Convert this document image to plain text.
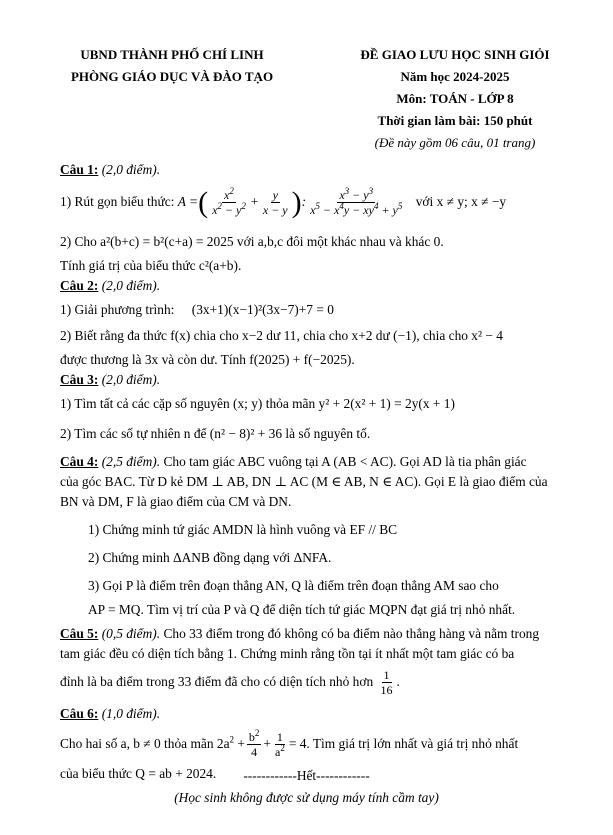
UBND THÀNH PHỐ CHÍ LINH
PHÒNG GIÁO DỤC VÀ ĐÀO TẠO
ĐỀ GIAO LƯU HỌC SINH GIỎI
Năm học 2024-2025
Môn: TOÁN - LỚP 8
Thời gian làm bài: 150 phút
(Đề này gồm 06 câu, 01 trang)

Câu 1: (2,0 điểm).

1) Rút gọn biểu thức: A =( $\frac{x^2}{x^2 - y^2} + \frac{y}{x - y}$ ): $\frac{x^3 - y^3}{x^5 - x^4y - xy^4 + y^5}$ với x ≠ y; x ≠ −y

2) Cho a²(b+c) = b²(c+a) = 2025 với a,b,c đôi một khác nhau và khác 0.

Tính giá trị của biểu thức c²(a+b).

Câu 2: (2,0 điểm).

1) Giải phương trình: (3x+1)(x−1)²(3x−7)+7 = 0

2) Biết rằng đa thức f(x) chia cho x−2 dư 11, chia cho x+2 dư (−1), chia cho x² − 4

được thương là 3x và còn dư. Tính f(2025) + f(−2025).

Câu 3: (2,0 điểm).

1) Tìm tất cả các cặp số nguyên (x; y) thỏa mãn y² + 2(x² + 1) = 2y(x + 1)

2) Tìm các số tự nhiên n để (n² − 8)² + 36 là số nguyên tố.

Câu 4: (2,5 điểm). Cho tam giác ABC vuông tại A (AB < AC). Gọi AD là tia phân giác

của góc BAC. Từ D kẻ DM ⊥ AB, DN ⊥ AC (M ∈ AB, N ∈ AC). Gọi E là giao điểm của

BN và DM, F là giao điểm của CM và DN.

1) Chứng minh tứ giác AMDN là hình vuông và EF // BC

2) Chứng minh ΔANB đồng dạng với ΔNFA.

3) Gọi P là điểm trên đoạn thẳng AN, Q là điểm trên đoạn thẳng AM sao cho

AP = MQ. Tìm vị trí của P và Q để diện tích tứ giác MQPN đạt giá trị nhỏ nhất.

Câu 5: (0,5 điểm). Cho 33 điểm trong đó không có ba điểm nào thẳng hàng và nằm trong

tam giác đều có diện tích bằng 1. Chứng minh rằng tồn tại ít nhất một tam giác có ba

đỉnh là ba điểm trong 33 điểm đã cho có diện tích nhỏ hơn $\frac{1}{16}$ .

Câu 6: (1,0 điểm).

Cho hai số a, b ≠ 0 thỏa mãn $2a^2 + \frac{b^2}{4} + \frac{1}{a^2} = 4$. Tìm giá trị lớn nhất và giá trị nhỏ nhất

của biểu thức Q = ab + 2024.	------------Hết------------
(Học sinh không được sử dụng máy tính cầm tay)
